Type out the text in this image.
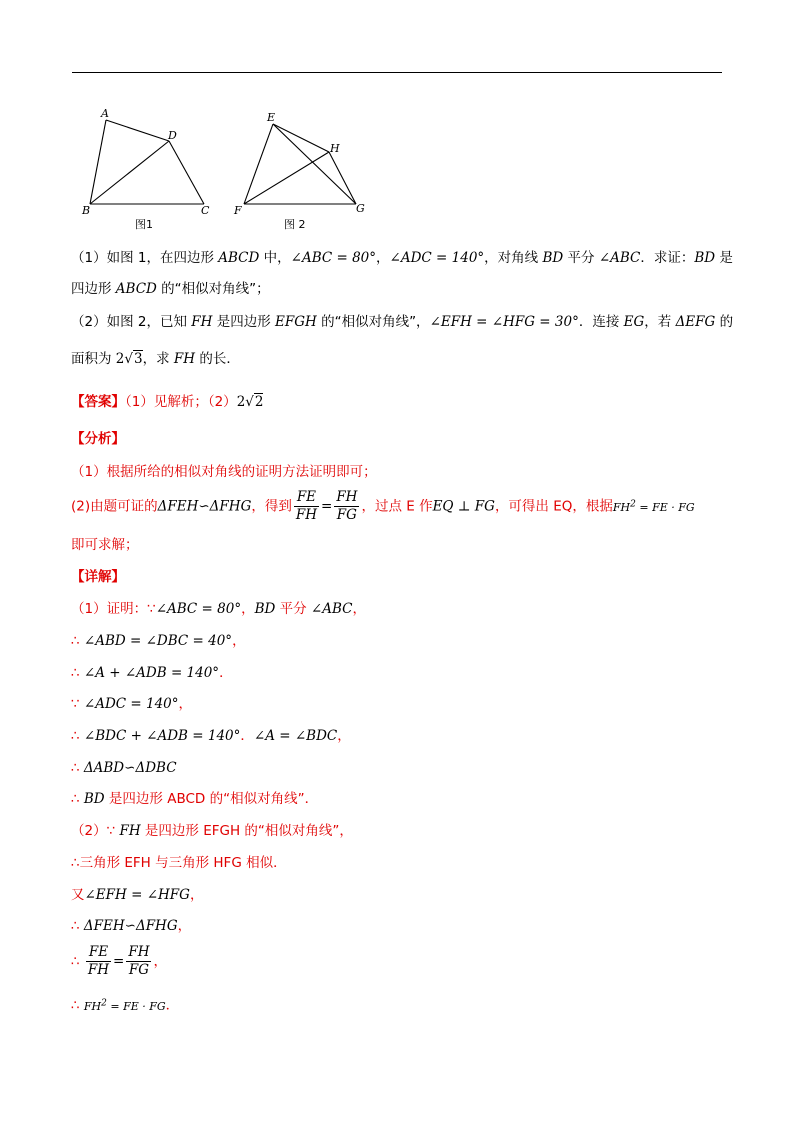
A
D
B	C
图1
E
H
F	G
图 2
（1）如图 1，在四边形 ABCD 中，∠ABC = 80°，∠ADC = 140°，对角线 BD 平分 ∠ABC．求证：BD 是
四边形 ABCD 的“相似对角线”；
（2）如图 2，已知 FH 是四边形 EFGH 的“相似对角线”，∠EFH = ∠HFG = 30°．连接 EG，若 ΔEFG 的
面积为 2√3，求 FH 的长．
【答案】（1）见解析；（2）2√2
【分析】
（1）根据所给的相似对角线的证明方法证明即可；
(2)由题可证的ΔFEH∽ΔFHG，得到 $\frac{FE}{FH} = \frac{FH}{FG}$ ，过点 E 作EQ ⊥ FG，可得出 EQ，根据$FH^2$ = FE · FG
即可求解；
【详解】
（1）证明：∵∠ABC = 80°，BD 平分 ∠ABC，
∴ ∠ABD = ∠DBC = 40°，
∴ ∠A + ∠ADB = 140°．
∵ ∠ADC = 140°，
∴ ∠BDC + ∠ADB = 140°．∠A = ∠BDC，
∴ ΔABD∽ΔDBC
∴ BD 是四边形 ABCD 的“相似对角线”．
（2）∵ FH 是四边形 EFGH 的“相似对角线”，
∴三角形 EFH 与三角形 HFG 相似．
又∠EFH = ∠HFG，
∴ ΔFEH∽ΔFHG，
∴ $\frac{FE}{FH} = \frac{FH}{FG}$ ，
∴ $FH^2$ = FE · FG．
